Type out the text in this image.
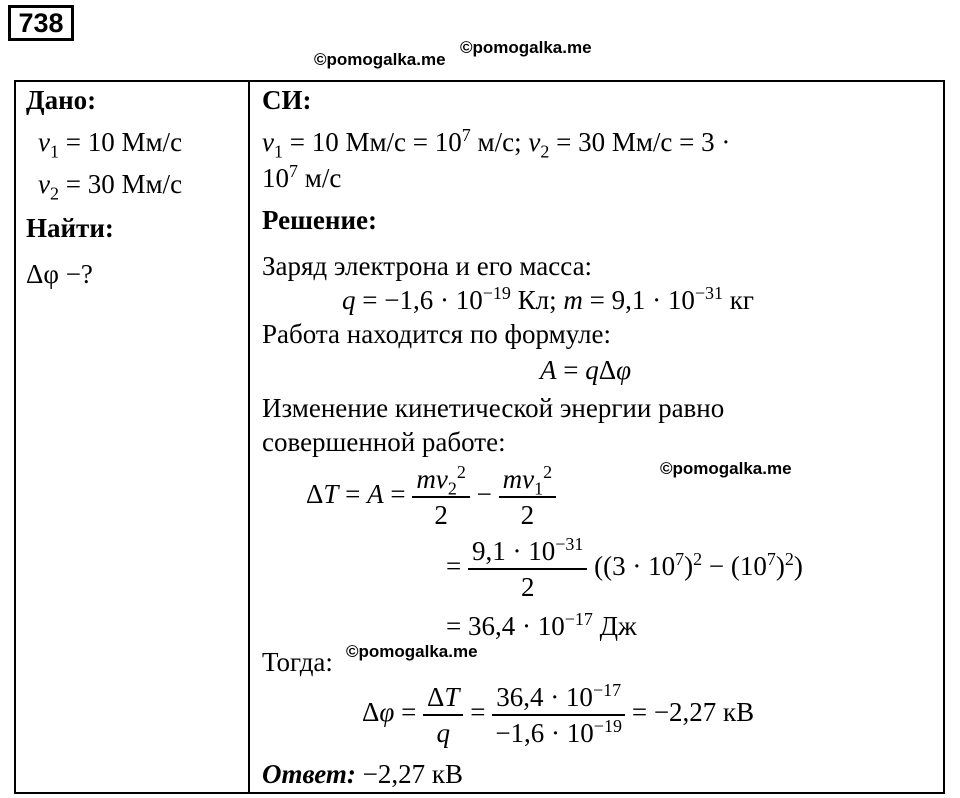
738
©pomogalka.me
©pomogalka.me
©pomogalka.me
©pomogalka.me
Дано:
$v_1 = 10$ Мм/с
$v_2 = 30$ Мм/с
Найти:
Δφ −?
СИ:
$v_1 = 10$ $Мм/с = 10^7$ м/с; $v_2 = 30$ Мм/с = 3 ·
$10^7$ м/с
Решение:
Заряд электрона и его масса:
$q = -1,6 \cdot 10^{-19}$ Кл; $m = 9,1 \cdot 10^{-31}$ кг
Работа находится по формуле:
A = qΔφ
Изменение кинетической энергии равно
совершенной работе:
$\Delta T = A = \frac{mv_2^2}{2} - \frac{mv_1^2}{2}$
= $\frac{9,1 \cdot 10^{-31}}{2} ((3 \cdot 10^7)^2 - (10^7)^2)$
= $36,4 \cdot 10^{-17}$ Дж
Тогда:
$\Delta\varphi = \frac{\Delta T}{q} = \frac{36,4 \cdot 10^{-17}}{-1,6 \cdot 10^{-19}} = -2,27$ кВ
Ответ: −2,27 кВ
